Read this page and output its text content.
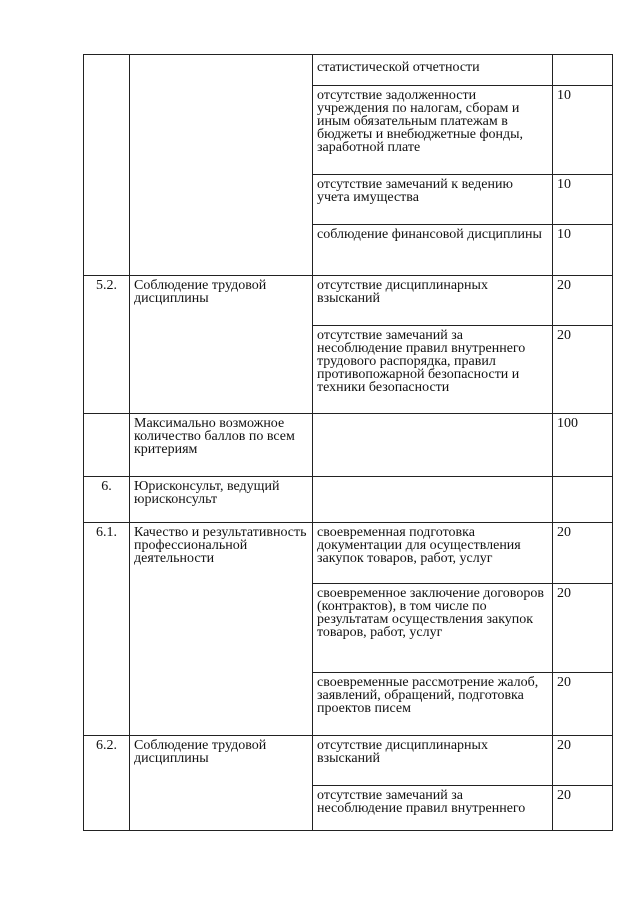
		статистической отчетности	
		отсутствие задолженности учреждения по налогам, сборам и иным обязательным платежам в бюджеты и внебюджетные фонды, заработной плате	10
		отсутствие замечаний к ведению учета имущества	10
		соблюдение финансовой дисциплины	10
5.2.	Соблюдение трудовой дисциплины	отсутствие дисциплинарных взысканий	20
		отсутствие замечаний за несоблюдение правил внутреннего трудового распорядка, правил противопожарной безопасности и техники безопасности	20
	Максимально возможное количество баллов по всем критериям		100
6.	Юрисконсульт, ведущий юрисконсульт		
6.1.	Качество и результативность профессиональной деятельности	своевременная подготовка документации для осуществления закупок товаров, работ, услуг	20
		своевременное заключение договоров (контрактов), в том числе по результатам осуществления закупок товаров, работ, услуг	20
		своевременные рассмотрение жалоб, заявлений, обращений, подготовка проектов писем	20
6.2.	Соблюдение трудовой дисциплины	отсутствие дисциплинарных взысканий	20
		отсутствие замечаний за несоблюдение правил внутреннего	20
